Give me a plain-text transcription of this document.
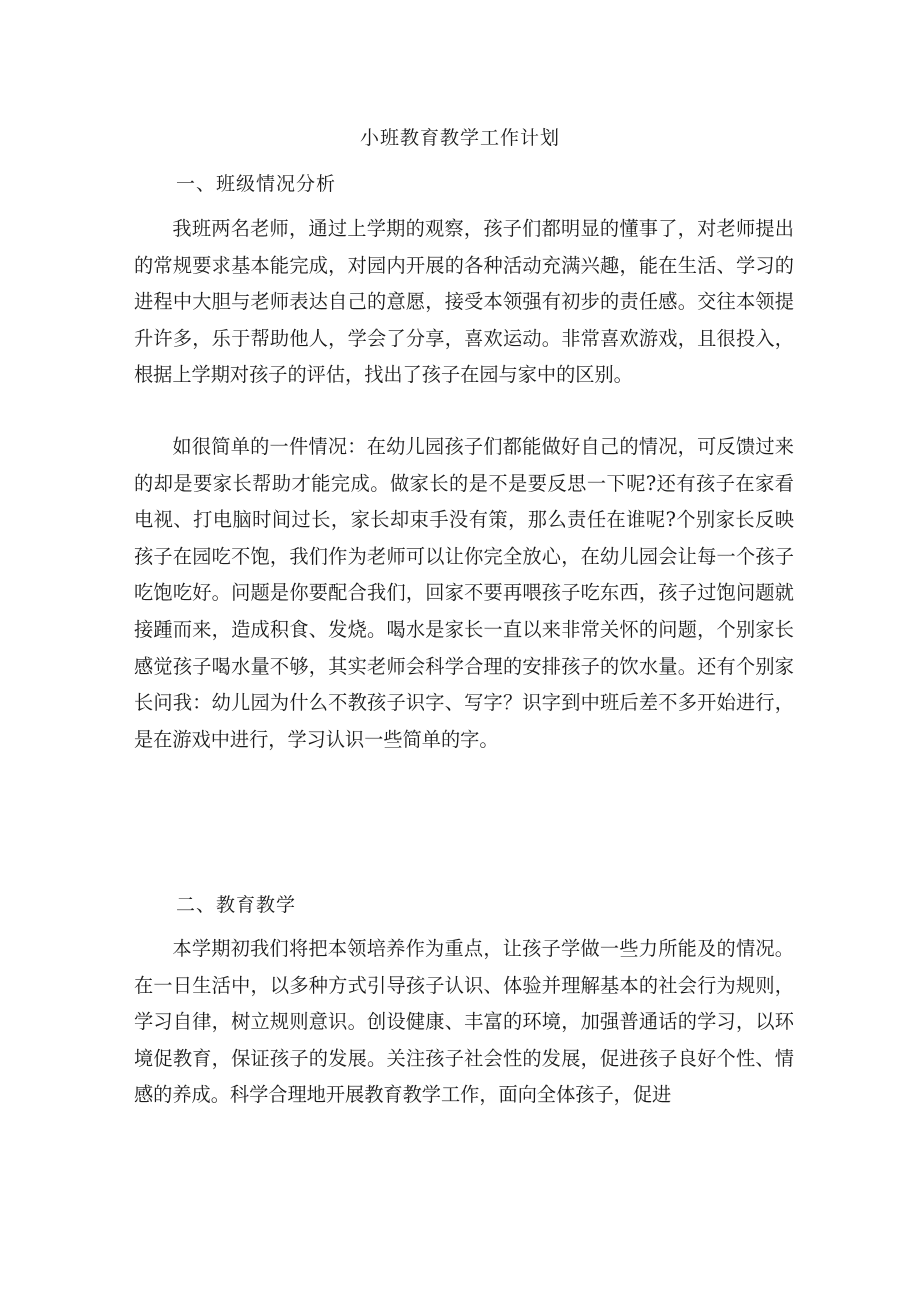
小班教育教学工作计划
一、班级情况分析

我班两名老师，通过上学期的观察，孩子们都明显的懂事了，对老师提出的常规要求基本能完成，对园内开展的各种活动充满兴趣，能在生活、学习的进程中大胆与老师表达自己的意愿，接受本领强有初步的责任感。交往本领提升许多，乐于帮助他人，学会了分享，喜欢运动。非常喜欢游戏，且很投入，根据上学期对孩子的评估，找出了孩子在园与家中的区别。

如很简单的一件情况：在幼儿园孩子们都能做好自己的情况，可反馈过来的却是要家长帮助才能完成。做家长的是不是要反思一下呢?还有孩子在家看电视、打电脑时间过长，家长却束手没有策，那么责任在谁呢?个别家长反映孩子在园吃不饱，我们作为老师可以让你完全放心，在幼儿园会让每一个孩子吃饱吃好。问题是你要配合我们，回家不要再喂孩子吃东西，孩子过饱问题就接踵而来，造成积食、发烧。喝水是家长一直以来非常关怀的问题，个别家长感觉孩子喝水量不够，其实老师会科学合理的安排孩子的饮水量。还有个别家长问我：幼儿园为什么不教孩子识字、写字？识字到中班后差不多开始进行，是在游戏中进行，学习认识一些简单的字。

二、教育教学

本学期初我们将把本领培养作为重点，让孩子学做一些力所能及的情况。在一日生活中，以多种方式引导孩子认识、体验并理解基本的社会行为规则，学习自律，树立规则意识。创设健康、丰富的环境，加强普通话的学习，以环境促教育，保证孩子的发展。关注孩子社会性的发展，促进孩子良好个性、情感的养成。科学合理地开展教育教学工作，面向全体孩子，促进
